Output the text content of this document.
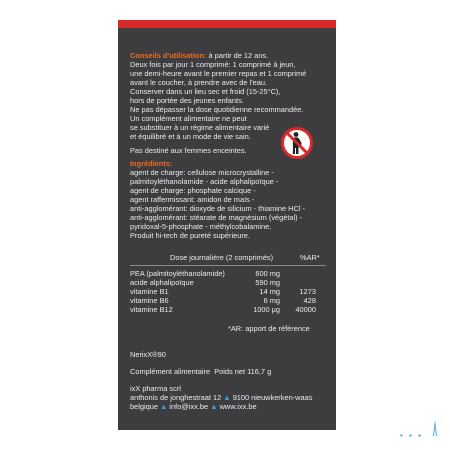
Conseils d'utilisation: à partir de 12 ans.
Deux fois par jour 1 comprimé: 1 comprimé à jeun,
une demi-heure avant le premier repas et 1 comprimé
avant le coucher, à prendre avec de l'eau.
Conserver dans un lieu sec et froid (15-25°C),
hors de portée des jeunes enfants.
Ne pas dépasser la dose quotidienne recommandée.
Un complément alimentaire ne peut
se substituer à un régime alimentaire varié
et équilibré et à un mode de vie sain.
Pas destiné aux femmes enceintes.
Ingrédients:
agent de charge: cellulose microcrystalline -
palmitoyléthanolamide - acide alphalipoïque -
agent de charge: phosphate calcique -
agent raffermissant: amidon de maïs -
anti-agglomérant: dioxyde de silicium - thiamine HCl -
anti-agglomérant: stéarate de magnésium (végétal) -
pyridoxal-5-phosphate - méthylcobalamine.
Produit hi-tech de pureté supérieure.
Dose journalière (2 comprimés)	%AR*
PEA (palmitoyléthanolamide)	600 mg
acide alphalipoïque	590 mg
vitamine B1	14 mg	1273
vitamine B6	6 mg	428
vitamine B12	1000 µg	40000
*AR: apport de référence
NerixX®90
Complément alimentaire Poids net 116,7 g
ixX pharma scrl
anthonis de jonghestraat 12 ▲ 9100 nieuwkerken-waas
belgique ▲ info@ixx.be ▲ www.ixx.be
▪ ▪ ▪
